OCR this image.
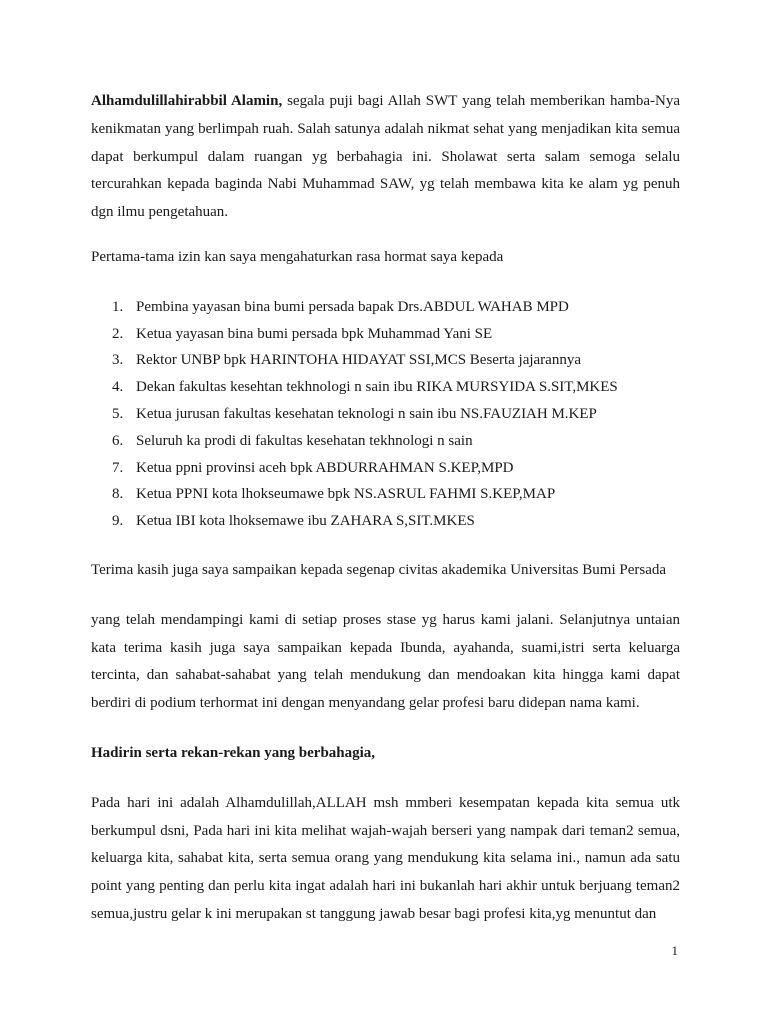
Alhamdulillahirabbil Alamin, segala puji bagi Allah SWT yang telah memberikan hamba-Nya kenikmatan yang berlimpah ruah. Salah satunya adalah nikmat sehat yang menjadikan kita semua dapat berkumpul dalam ruangan yg berbahagia ini. Sholawat serta salam semoga selalu tercurahkan kepada baginda Nabi Muhammad SAW, yg telah membawa kita ke alam yg penuh dgn ilmu pengetahuan.

Pertama-tama izin kan saya mengahaturkan rasa hormat saya kepada

1. Pembina yayasan bina bumi persada bapak Drs.ABDUL WAHAB MPD
2. Ketua yayasan bina bumi persada bpk Muhammad Yani SE
3. Rektor UNBP bpk HARINTOHA HIDAYAT SSI,MCS Beserta jajarannya
4. Dekan fakultas kesehtan tekhnologi n sain ibu RIKA MURSYIDA S.SIT,MKES
5. Ketua jurusan fakultas kesehatan teknologi n sain ibu NS.FAUZIAH M.KEP
6. Seluruh ka prodi di fakultas kesehatan tekhnologi n sain
7. Ketua ppni provinsi aceh bpk ABDURRAHMAN S.KEP,MPD
8. Ketua PPNI kota lhokseumawe bpk NS.ASRUL FAHMI S.KEP,MAP
9. Ketua IBI kota lhoksemawe ibu ZAHARA S,SIT.MKES

Terima kasih juga saya sampaikan kepada segenap civitas akademika Universitas Bumi Persada

yang telah mendampingi kami di setiap proses stase yg harus kami jalani. Selanjutnya untaian kata terima kasih juga saya sampaikan kepada Ibunda, ayahanda, suami,istri serta keluarga tercinta, dan sahabat-sahabat yang telah mendukung dan mendoakan kita hingga kami dapat berdiri di podium terhormat ini dengan menyandang gelar profesi baru didepan nama kami.

Hadirin serta rekan-rekan yang berbahagia,

Pada hari ini adalah Alhamdulillah,ALLAH msh mmberi kesempatan kepada kita semua utk berkumpul dsni, Pada hari ini kita melihat wajah-wajah berseri yang nampak dari teman2 semua, keluarga kita, sahabat kita, serta semua orang yang mendukung kita selama ini., namun ada satu point yang penting dan perlu kita ingat adalah hari ini bukanlah hari akhir untuk berjuang teman2 semua,justru gelar k ini merupakan st tanggung jawab besar bagi profesi kita,yg menuntut dan

1
